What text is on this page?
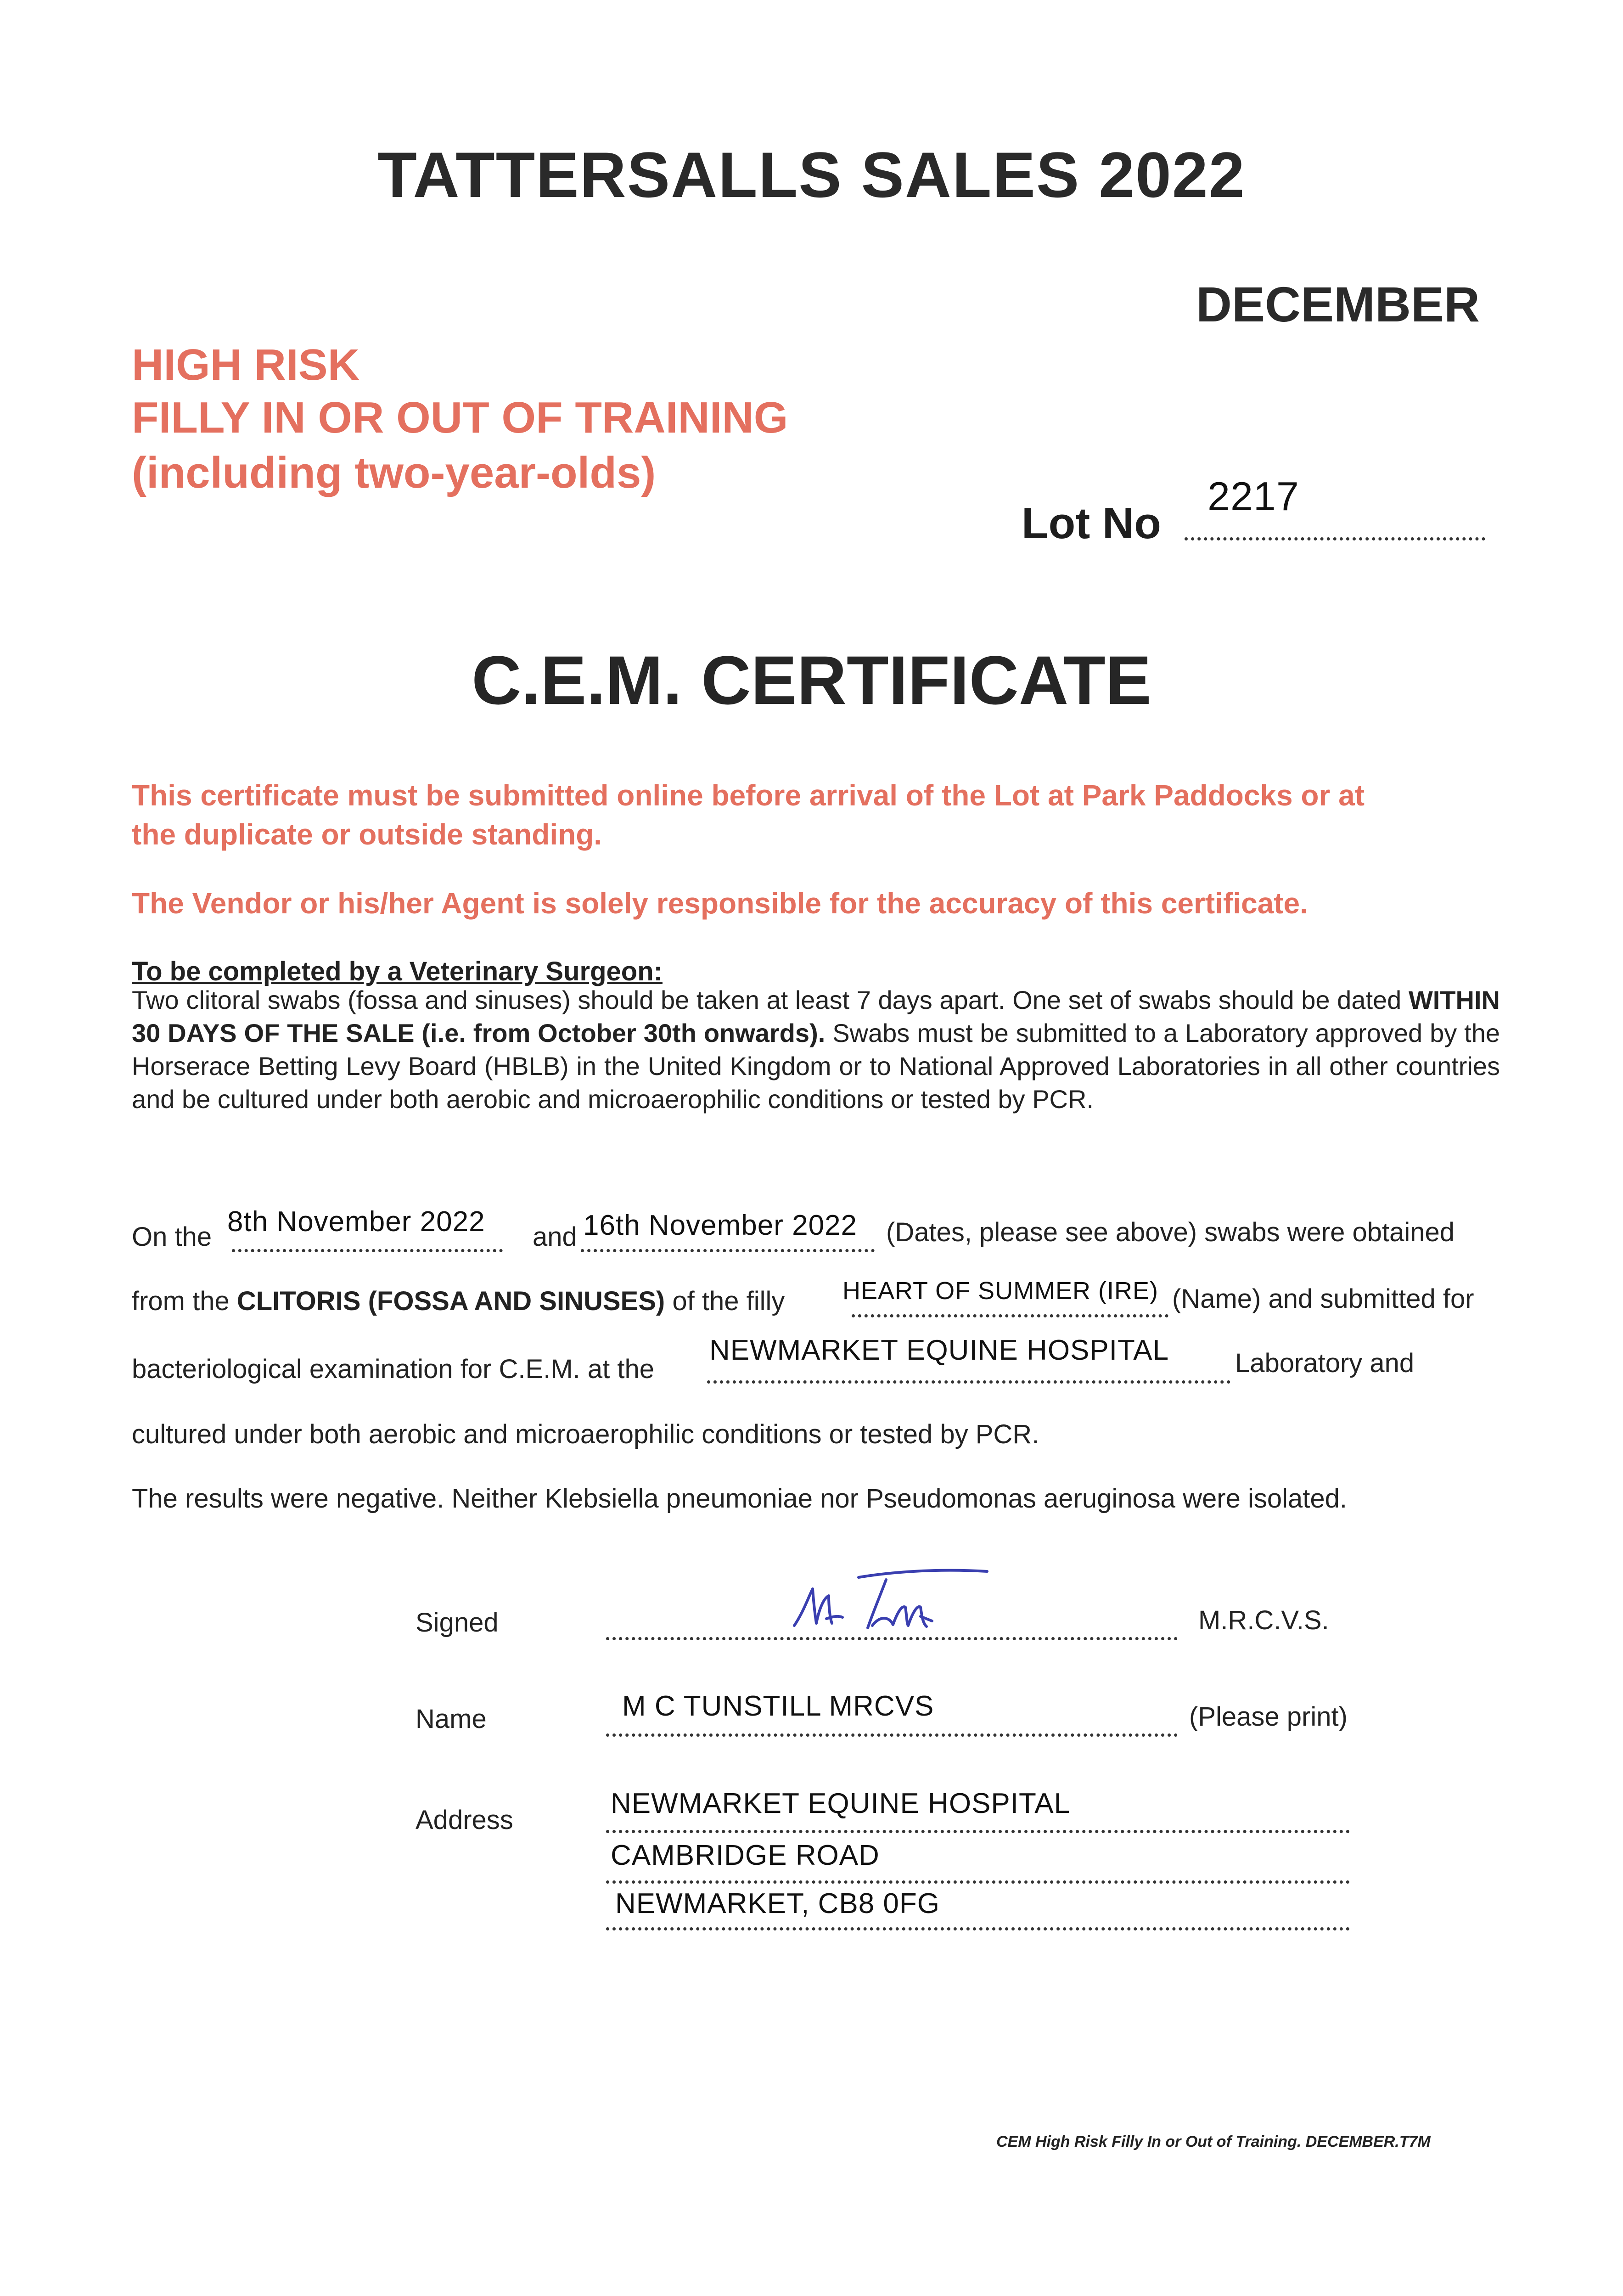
TATTERSALLS SALES 2022
DECEMBER
HIGH RISK
FILLY IN OR OUT OF TRAINING
(including two-year-olds)
Lot No
2217
C.E.M. CERTIFICATE
This certificate must be submitted online before arrival of the Lot at Park Paddocks or at
the duplicate or outside standing.
The Vendor or his/her Agent is solely responsible for the accuracy of this certificate.
To be completed by a Veterinary Surgeon:
Two clitoral swabs (fossa and sinuses) should be taken at least 7 days apart. One set of swabs should be dated WITHIN 30 DAYS OF THE SALE (i.e. from October 30th onwards). Swabs must be submitted to a Laboratory approved by the Horserace Betting Levy Board (HBLB) in the United Kingdom or to National Approved Laboratories in all other countries and be cultured under both aerobic and microaerophilic conditions or tested by PCR.
On the 8th November 2022 and 16th November 2022 (Dates, please see above) swabs were obtained
from the CLITORIS (FOSSA AND SINUSES) of the filly HEART OF SUMMER (IRE) (Name) and submitted for
bacteriological examination for C.E.M. at the
NEWMARKET EQUINE HOSPITAL Laboratory and
cultured under both aerobic and microaerophilic conditions or tested by PCR.
The results were negative. Neither Klebsiella pneumoniae nor Pseudomonas aeruginosa were isolated.
Signed	M.R.C.V.S.
Name	M C TUNSTILL MRCVS	(Please print)
Address
NEWMARKET EQUINE HOSPITAL
CAMBRIDGE ROAD
NEWMARKET, CB8 0FG
CEM High Risk Filly In or Out of Training. DECEMBER.T7M
